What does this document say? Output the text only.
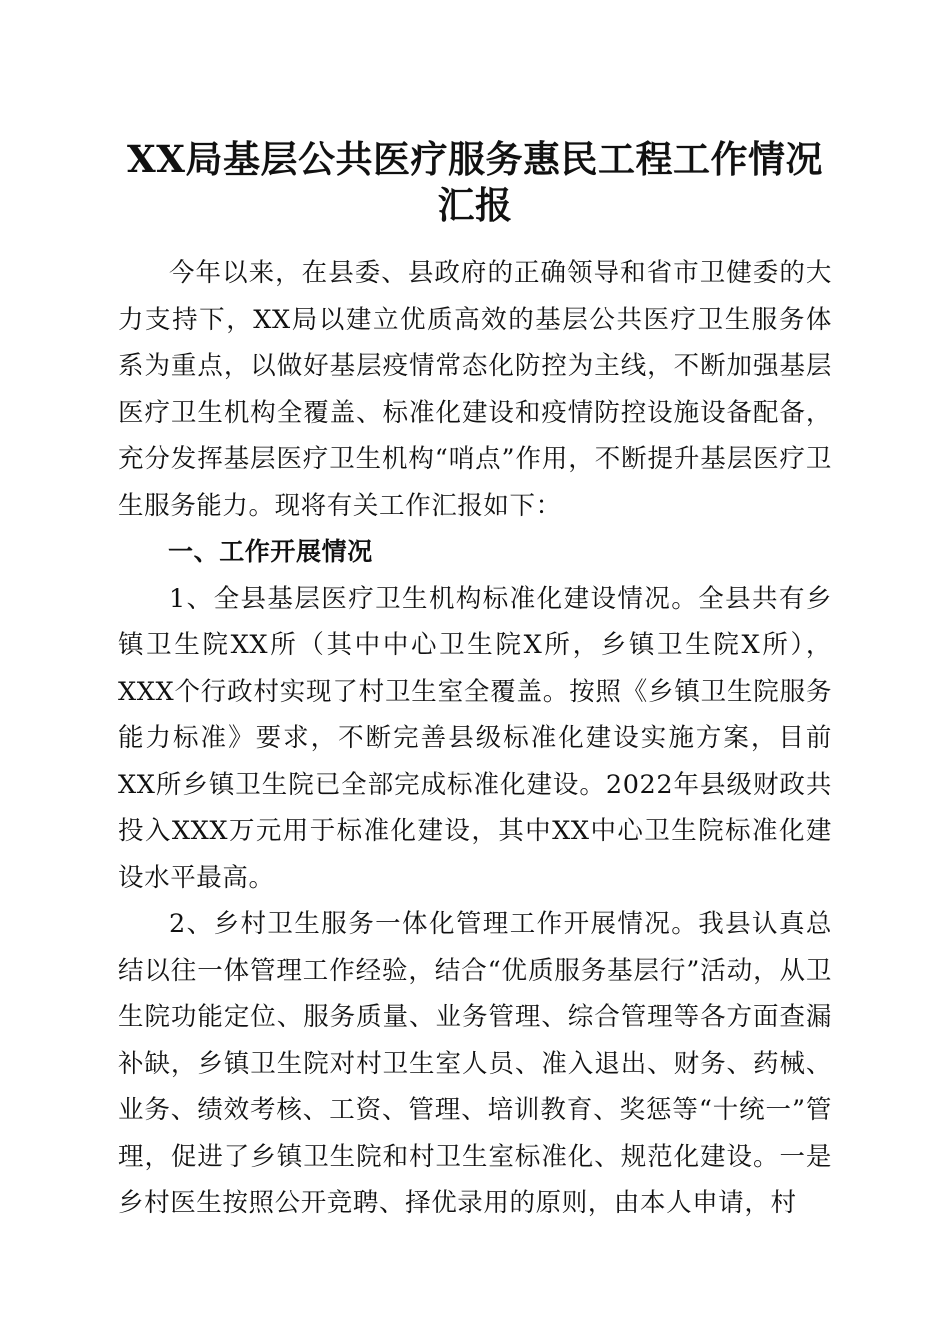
XX局基层公共医疗服务惠民工程工作情况汇报

今年以来，在县委、县政府的正确领导和省市卫健委的大力支持下，XX局以建立优质高效的基层公共医疗卫生服务体系为重点，以做好基层疫情常态化防控为主线，不断加强基层医疗卫生机构全覆盖、标准化建设和疫情防控设施设备配备，充分发挥基层医疗卫生机构“哨点”作用，不断提升基层医疗卫生服务能力。现将有关工作汇报如下：

一、工作开展情况

1、全县基层医疗卫生机构标准化建设情况。全县共有乡镇卫生院XX所（其中中心卫生院X所，乡镇卫生院X所），XXX个行政村实现了村卫生室全覆盖。按照《乡镇卫生院服务能力标准》要求，不断完善县级标准化建设实施方案，目前XX所乡镇卫生院已全部完成标准化建设。2022年县级财政共投入XXX万元用于标准化建设，其中XX中心卫生院标准化建设水平最高。

2、乡村卫生服务一体化管理工作开展情况。我县认真总结以往一体管理工作经验，结合“优质服务基层行”活动，从卫生院功能定位、服务质量、业务管理、综合管理等各方面查漏补缺，乡镇卫生院对村卫生室人员、准入退出、财务、药械、业务、绩效考核、工资、管理、培训教育、奖惩等“十统一”管理，促进了乡镇卫生院和村卫生室标准化、规范化建设。一是乡村医生按照公开竞聘、择优录用的原则，由本人申请，村
